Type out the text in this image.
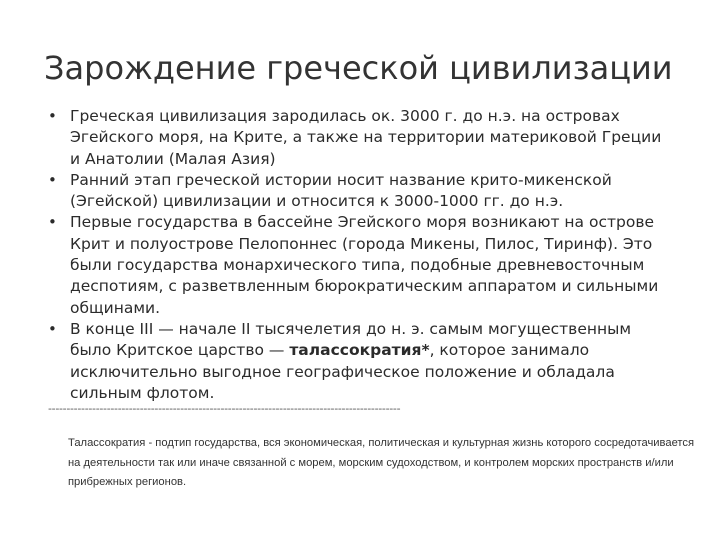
Зарождение греческой цивилизации
• Греческая цивилизация зародилась ок. 3000 г. до н.э. на островах Эгейского моря, на Крите, а также на территории материковой Греции и Анатолии (Малая Азия)
• Ранний этап греческой истории носит название крито-микенской (Эгейской) цивилизации и относится к 3000-1000 гг. до н.э.
• Первые государства в бассейне Эгейского моря возникают на острове Крит и полуострове Пелопоннес (города Микены, Пилос, Тиринф). Это были государства монархического типа, подобные древневосточным деспотиям, с разветвленным бюрократическим аппаратом и сильными общинами.
• В конце III — начале II тысячелетия до н. э. самым могущественным было Критское царство — талассократия*, которое занимало исключительно выгодное географическое положение и обладала сильным флотом.
------------------------------------------------------------------------------------------------
Талассократия - подтип государства, вся экономическая, политическая и культурная жизнь которого сосредотачивается на деятельности так или иначе связанной с морем, морским судоходством, и контролем морских пространств и/или прибрежных регионов.
